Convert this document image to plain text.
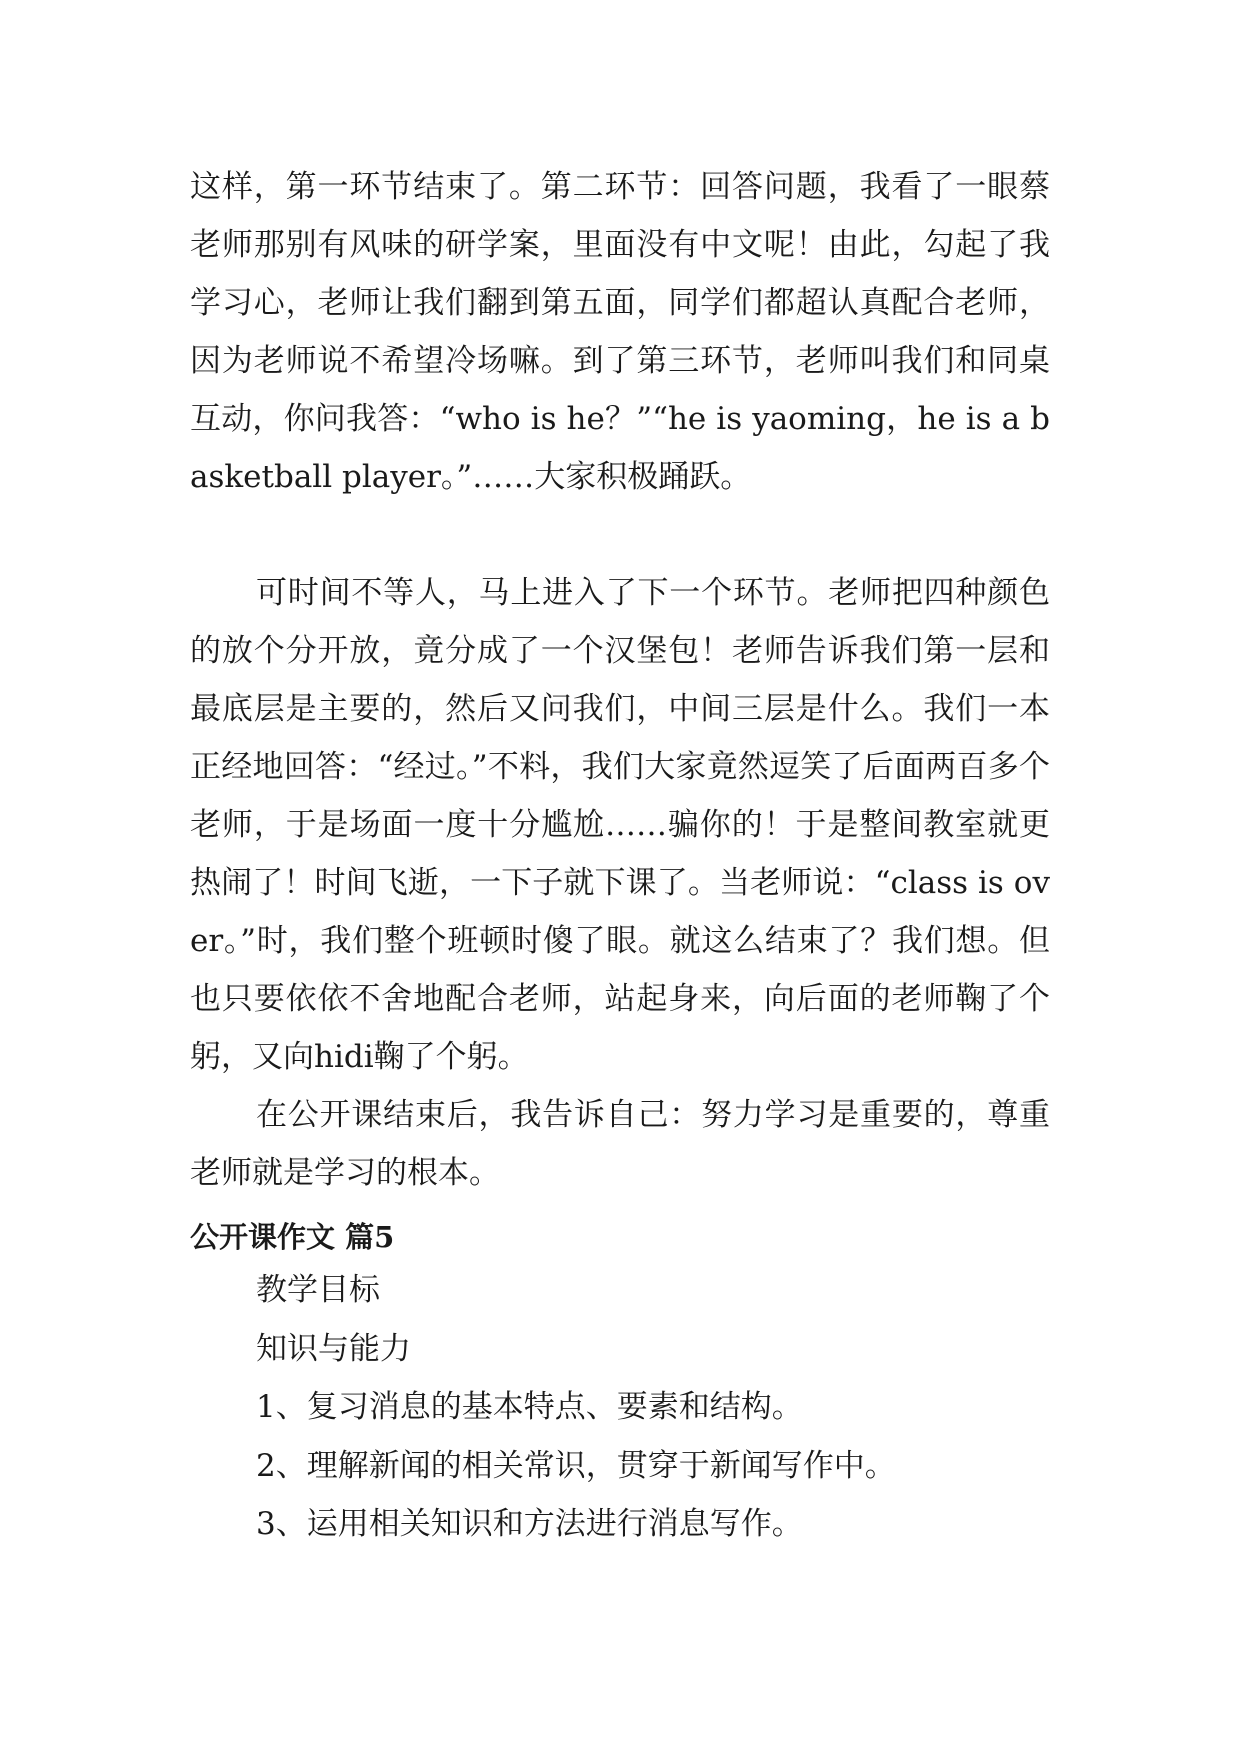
这样，第一环节结束了。第二环节：回答问题，我看了一眼蔡老师那别有风味的研学案，里面没有中文呢！由此，勾起了我学习心，老师让我们翻到第五面，同学们都超认真配合老师，因为老师说不希望冷场嘛。到了第三环节，老师叫我们和同桌互动，你问我答：“who is he？”“he is yaoming，he is a basketball player。”……大家积极踊跃。

可时间不等人，马上进入了下一个环节。老师把四种颜色的放个分开放，竟分成了一个汉堡包！老师告诉我们第一层和最底层是主要的，然后又问我们，中间三层是什么。我们一本正经地回答：“经过。”不料，我们大家竟然逗笑了后面两百多个老师，于是场面一度十分尴尬……骗你的！于是整间教室就更热闹了！时间飞逝，一下子就下课了。当老师说：“class is over。”时，我们整个班顿时傻了眼。就这么结束了？我们想。但也只要依依不舍地配合老师，站起身来，向后面的老师鞠了个躬，又向hidi鞠了个躬。

在公开课结束后，我告诉自己：努力学习是重要的，尊重老师就是学习的根本。

公开课作文 篇5

教学目标

知识与能力

1、复习消息的基本特点、要素和结构。

2、理解新闻的相关常识，贯穿于新闻写作中。

3、运用相关知识和方法进行消息写作。
